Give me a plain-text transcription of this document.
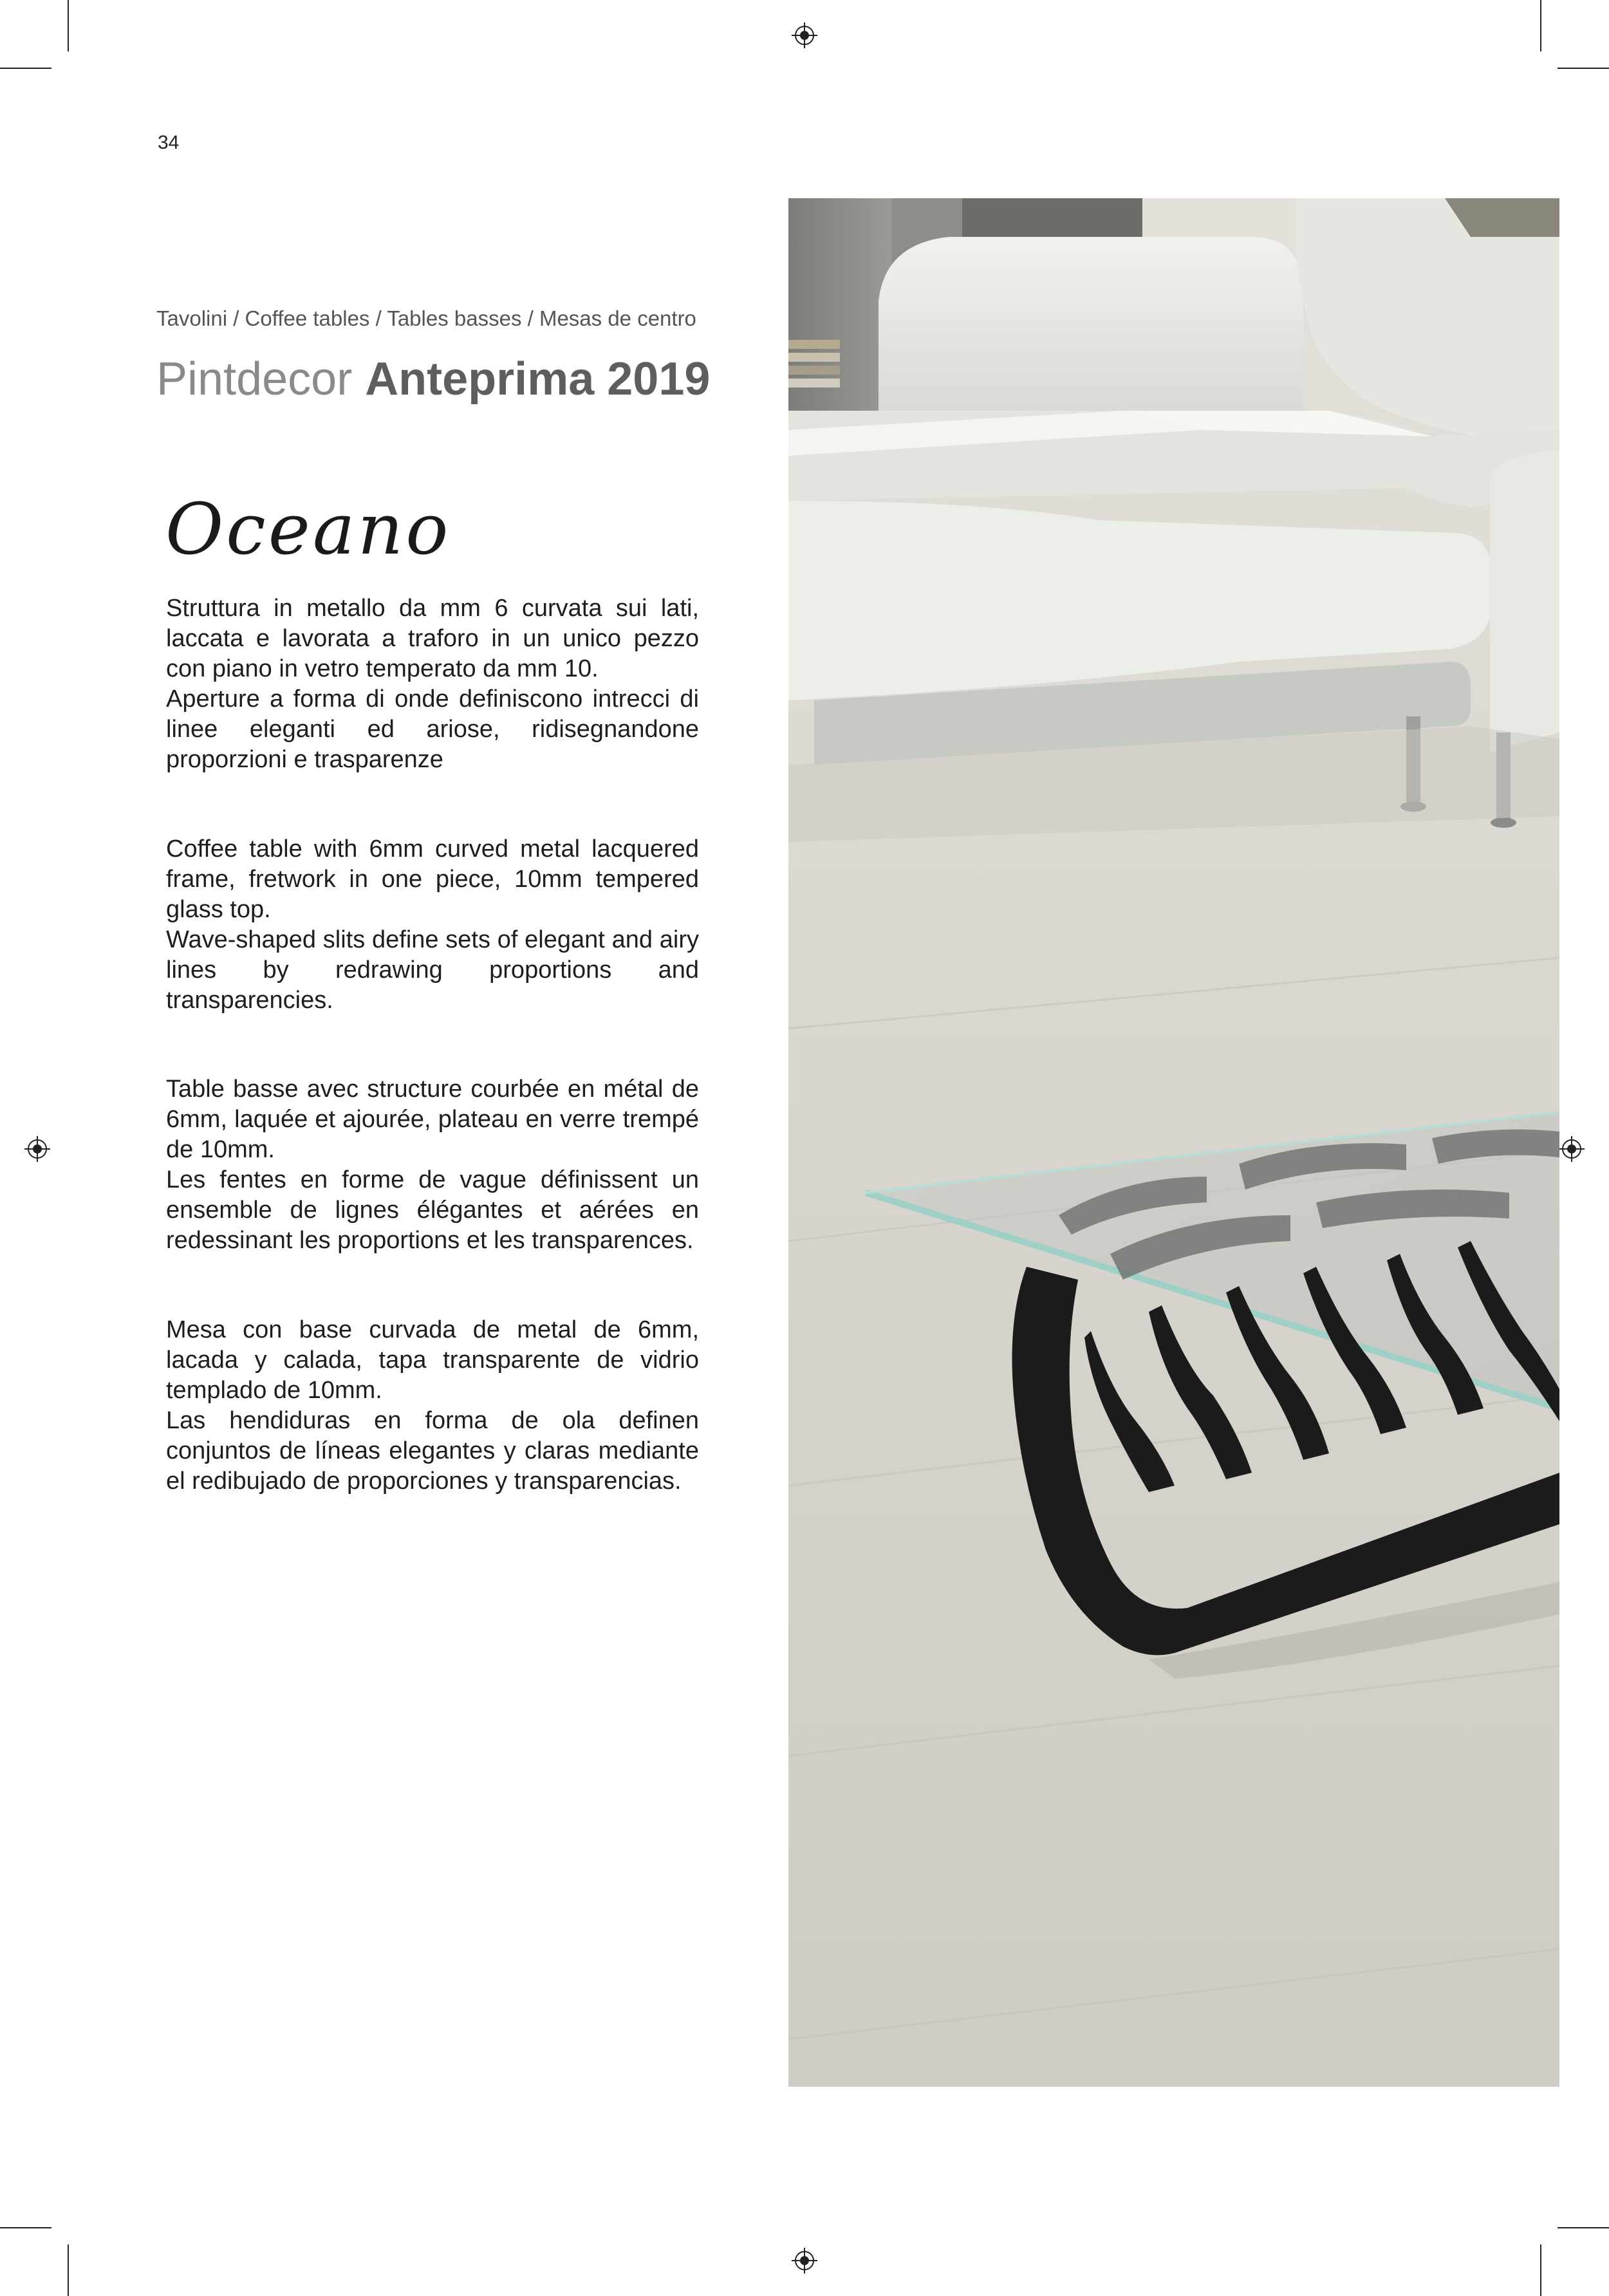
34
Tavolini / Coffee tables / Tables basses / Mesas de centro
Pintdecor Anteprima 2019
Oceano

Struttura in metallo da mm 6 curvata sui lati, laccata e lavorata a traforo in un unico pezzo con piano in vetro temperato da mm 10.

Aperture a forma di onde definiscono intrecci di linee eleganti ed ariose, ridisegnandone proporzioni e trasparenze

Coffee table with 6mm curved metal lacquered frame, fretwork in one piece, 10mm tempered glass top.

Wave-shaped slits define sets of elegant and airy lines by redrawing proportions and transparencies.

Table basse avec structure courbée en métal de 6mm, laquée et ajourée, plateau en verre trempé de 10mm.

Les fentes en forme de vague définissent un ensemble de lignes élégantes et aérées en redessinant les proportions et les transparences.

Mesa con base curvada de metal de 6mm, lacada y calada, tapa transparente de vidrio templado de 10mm.

Las hendiduras en forma de ola definen conjuntos de líneas elegantes y claras mediante el redibujado de proporciones y transparencias.
